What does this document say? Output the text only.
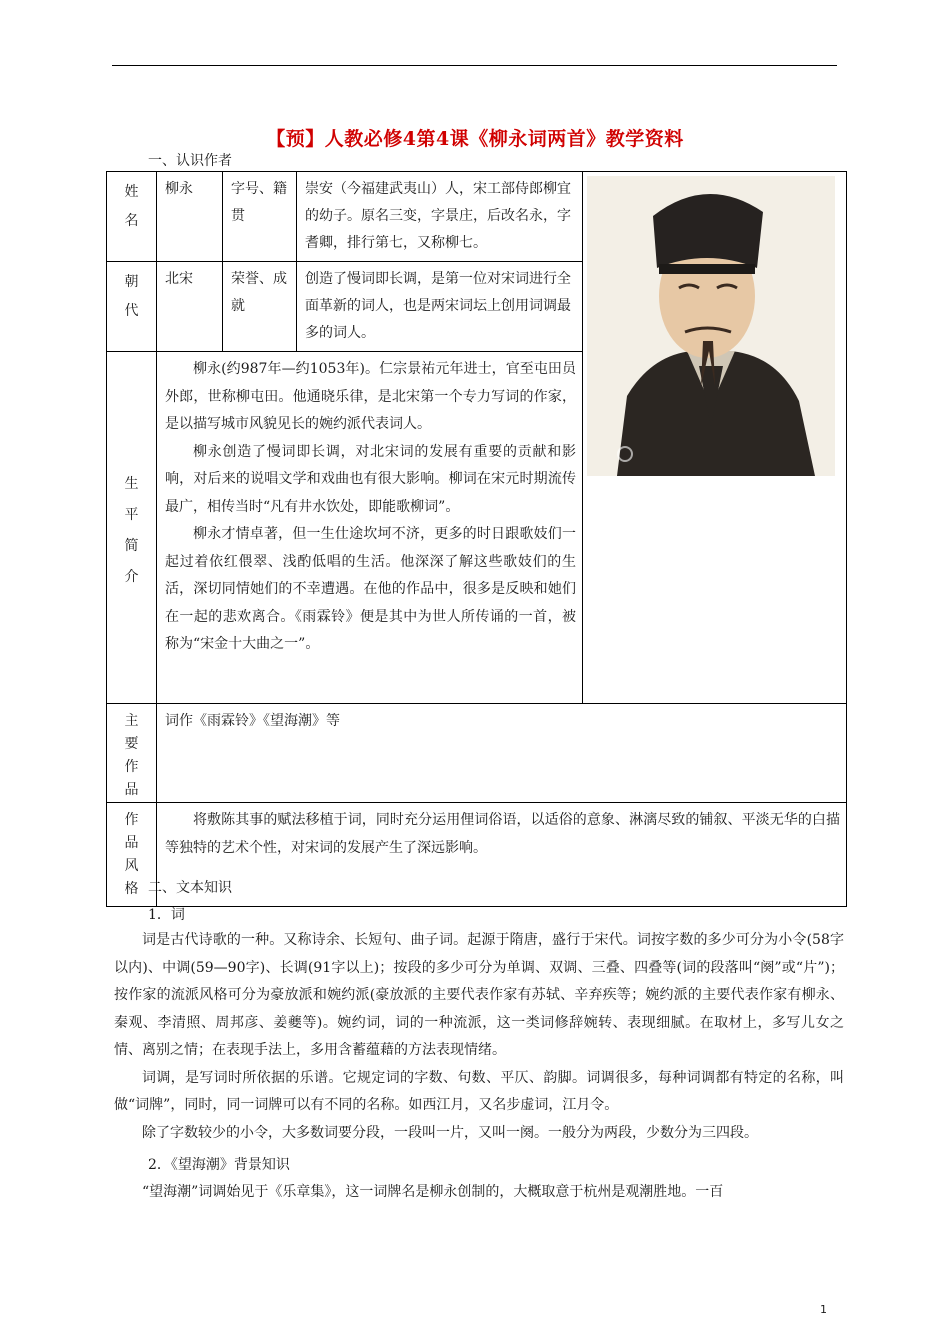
【预】人教必修4第4课《柳永词两首》教学资料
一、认识作者
姓名	柳永	字号、籍贯	崇安（今福建武夷山）人，宋工部侍郎柳宜的幼子。原名三变，字景庄，后改名永，字耆卿，排行第七，又称柳七。	

朝代	北宋	荣誉、成就	创造了慢词即长调，是第一位对宋词进行全面革新的词人，也是两宋词坛上创用词调最多的词人。	

生平简介	柳永(约987年—约1053年)。仁宗景祐元年进士，官至屯田员外郎，世称柳屯田。他通晓乐律，是北宋第一个专力写词的作家，是以描写城市风貌见长的婉约派代表词人。

柳永创造了慢词即长调，对北宋词的发展有重要的贡献和影响，对后来的说唱文学和戏曲也有很大影响。柳词在宋元时期流传最广，相传当时“凡有井水饮处，即能歌柳词”。

柳永才情卓著，但一生仕途坎坷不济，更多的时日跟歌妓们一起过着依红偎翠、浅酌低唱的生活。他深深了解这些歌妓们的生活，深切同情她们的不幸遭遇。在他的作品中，很多是反映和她们在一起的悲欢离合。《雨霖铃》便是其中为世人所传诵的一首，被称为“宋金十大曲之一”。			

主要作品	词作《雨霖铃》《望海潮》等			

作品风格	将敷陈其事的赋法移植于词，同时充分运用俚词俗语，以适俗的意象、淋漓尽致的铺叙、平淡无华的白描等独特的艺术个性，对宋词的发展产生了深远影响。			

二、文本知识
1．词

词是古代诗歌的一种。又称诗余、长短句、曲子词。起源于隋唐，盛行于宋代。词按字数的多少可分为小令(58字以内)、中调(59—90字)、长调(91字以上)；按段的多少可分为单调、双调、三叠、四叠等(词的段落叫“阕”或“片”)；按作家的流派风格可分为豪放派和婉约派(豪放派的主要代表作家有苏轼、辛弃疾等；婉约派的主要代表作家有柳永、秦观、李清照、周邦彦、姜夔等)。婉约词，词的一种流派，这一类词修辞婉转、表现细腻。在取材上，多写儿女之情、离别之情；在表现手法上，多用含蓄蕴藉的方法表现情绪。

词调，是写词时所依据的乐谱。它规定词的字数、句数、平仄、韵脚。词调很多，每种词调都有特定的名称，叫做“词牌”，同时，同一词牌可以有不同的名称。如西江月，又名步虚词，江月令。

除了字数较少的小令，大多数词要分段，一段叫一片，又叫一阕。一般分为两段，少数分为三四段。

2．《望海潮》背景知识

“望海潮”词调始见于《乐章集》，这一词牌名是柳永创制的，大概取意于杭州是观潮胜地。一百

1
